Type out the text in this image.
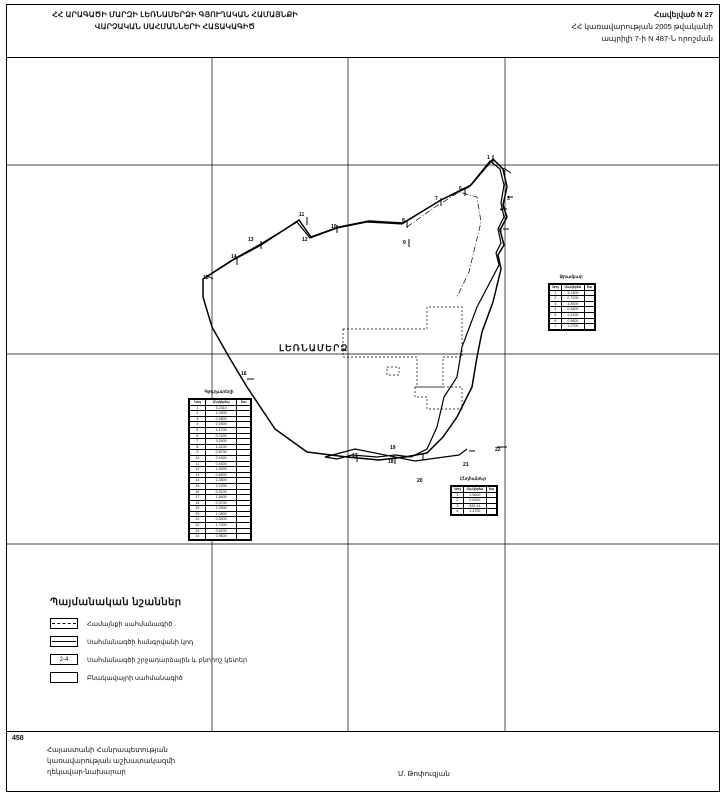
ՀՀ ԱՐԱԳԱԾԻ ՄԱՐԶԻ ԼԵՌՆԱՄԵՐՁԻ ԳՅՈՒՂԱԿԱՆ ՀԱՄԱՅՆՔԻ
ՎԱՐՉԱԿԱՆ ՍԱՀՄԱՆՆԵՐԻ ՀԱՏԱԿԱԳԻԾ
Հավելված N 27
ՀՀ կառավարության 2005 թվականի
ապրիլի 7-ի N 487-Ն որոշման
ԼԵՌՆԱՄԵՐՁ
1
2
3
4
5
6
7
8
9
10
11
12
13
14
15
16
17
18
19
20
21
22
Գյուղատեղի
Կոդ	Մակերես	հա
1	5.2310	
2	1.0400	
3	0.2800	
4	2.4500	
5	1.1700	
6	0.7400	
7	3.2900	
8	1.4100	
9	0.8700	
10	2.1600	
11	0.4300	
12	1.9200	
13	0.6500	
14	1.3800	
15	2.7400	
16	0.9100	
17	1.5600	
18	0.3700	
19	2.2900	
20	1.0800	
21	0.5400	
22	1.7300	
23	0.8200	
24	2.9600	
Ջրամբար
Կոդ	Մակերես	հա
1	3.1400	
2	0.7200	
3	1.8500	
4	0.4600	
5	2.3100	
6	0.9800	
7	1.2700	
Ընդհանուր
Կոդ	Մակերես	հա
1	2.5600	
2	0.6300	
3	832.14	
4	1.4700	
Պայմանական նշաններ
Համայնքի սահմանագիծ .
Սահմանագծի հանգրվանի կոդ
2-4	Սահմանագծի շրջադարձային և բնորոշ կետեր
Բնակավայրի սահմանագիծ
458
Հայաստանի Հանրապետության
կառավարության աշխատակազմի
ղեկավար-նախարար	Մ. Թոփուզյան
